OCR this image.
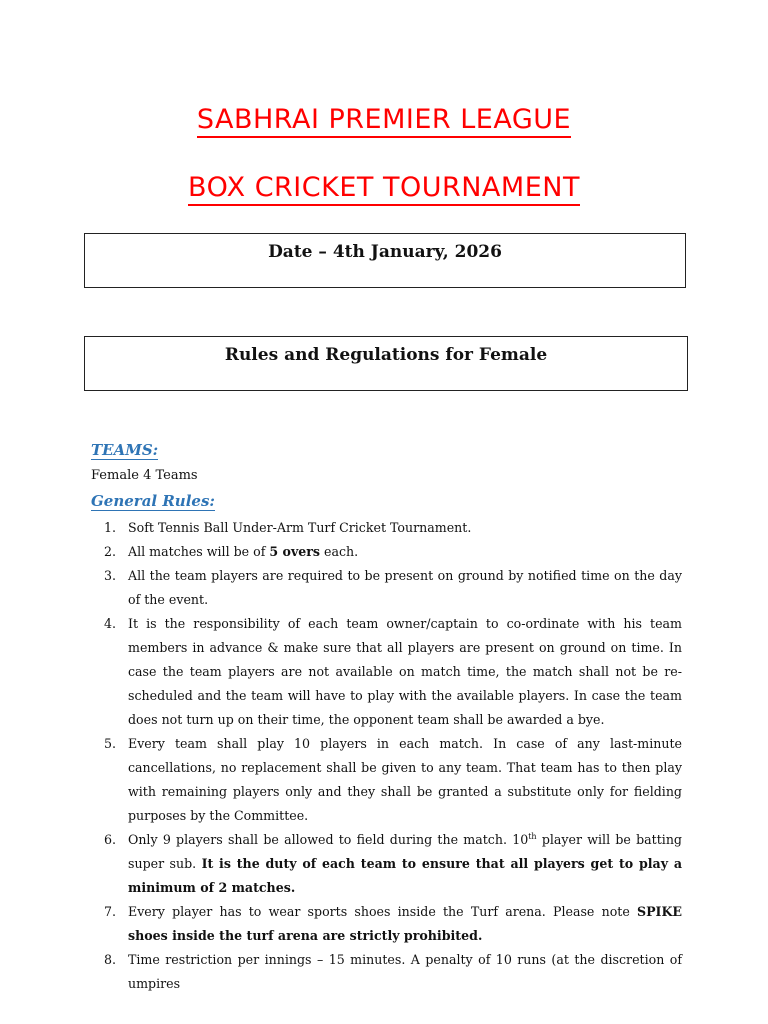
SABHRAI PREMIER LEAGUE
BOX CRICKET TOURNAMENT
Date – 4th January, 2026
Rules and Regulations for Female
TEAMS:
Female 4 Teams
General Rules:
1. Soft Tennis Ball Under-Arm Turf Cricket Tournament.
2. All matches will be of 5 overs each.
3. All the team players are required to be present on ground by notified time on the day of the event.
4. It is the responsibility of each team owner/captain to co-ordinate with his team members in advance & make sure that all players are present on ground on time. In case the team players are not available on match time, the match shall not be re-scheduled and the team will have to play with the available players. In case the team does not turn up on their time, the opponent team shall be awarded a bye.
5. Every team shall play 10 players in each match. In case of any last-minute cancellations, no replacement shall be given to any team. That team has to then play with remaining players only and they shall be granted a substitute only for fielding purposes by the Committee.
6. Only 9 players shall be allowed to field during the match. 10th player will be batting super sub. It is the duty of each team to ensure that all players get to play a minimum of 2 matches.
7. Every player has to wear sports shoes inside the Turf arena. Please note SPIKE shoes inside the turf arena are strictly prohibited.
8. Time restriction per innings – 15 minutes. A penalty of 10 runs (at the discretion of umpires
